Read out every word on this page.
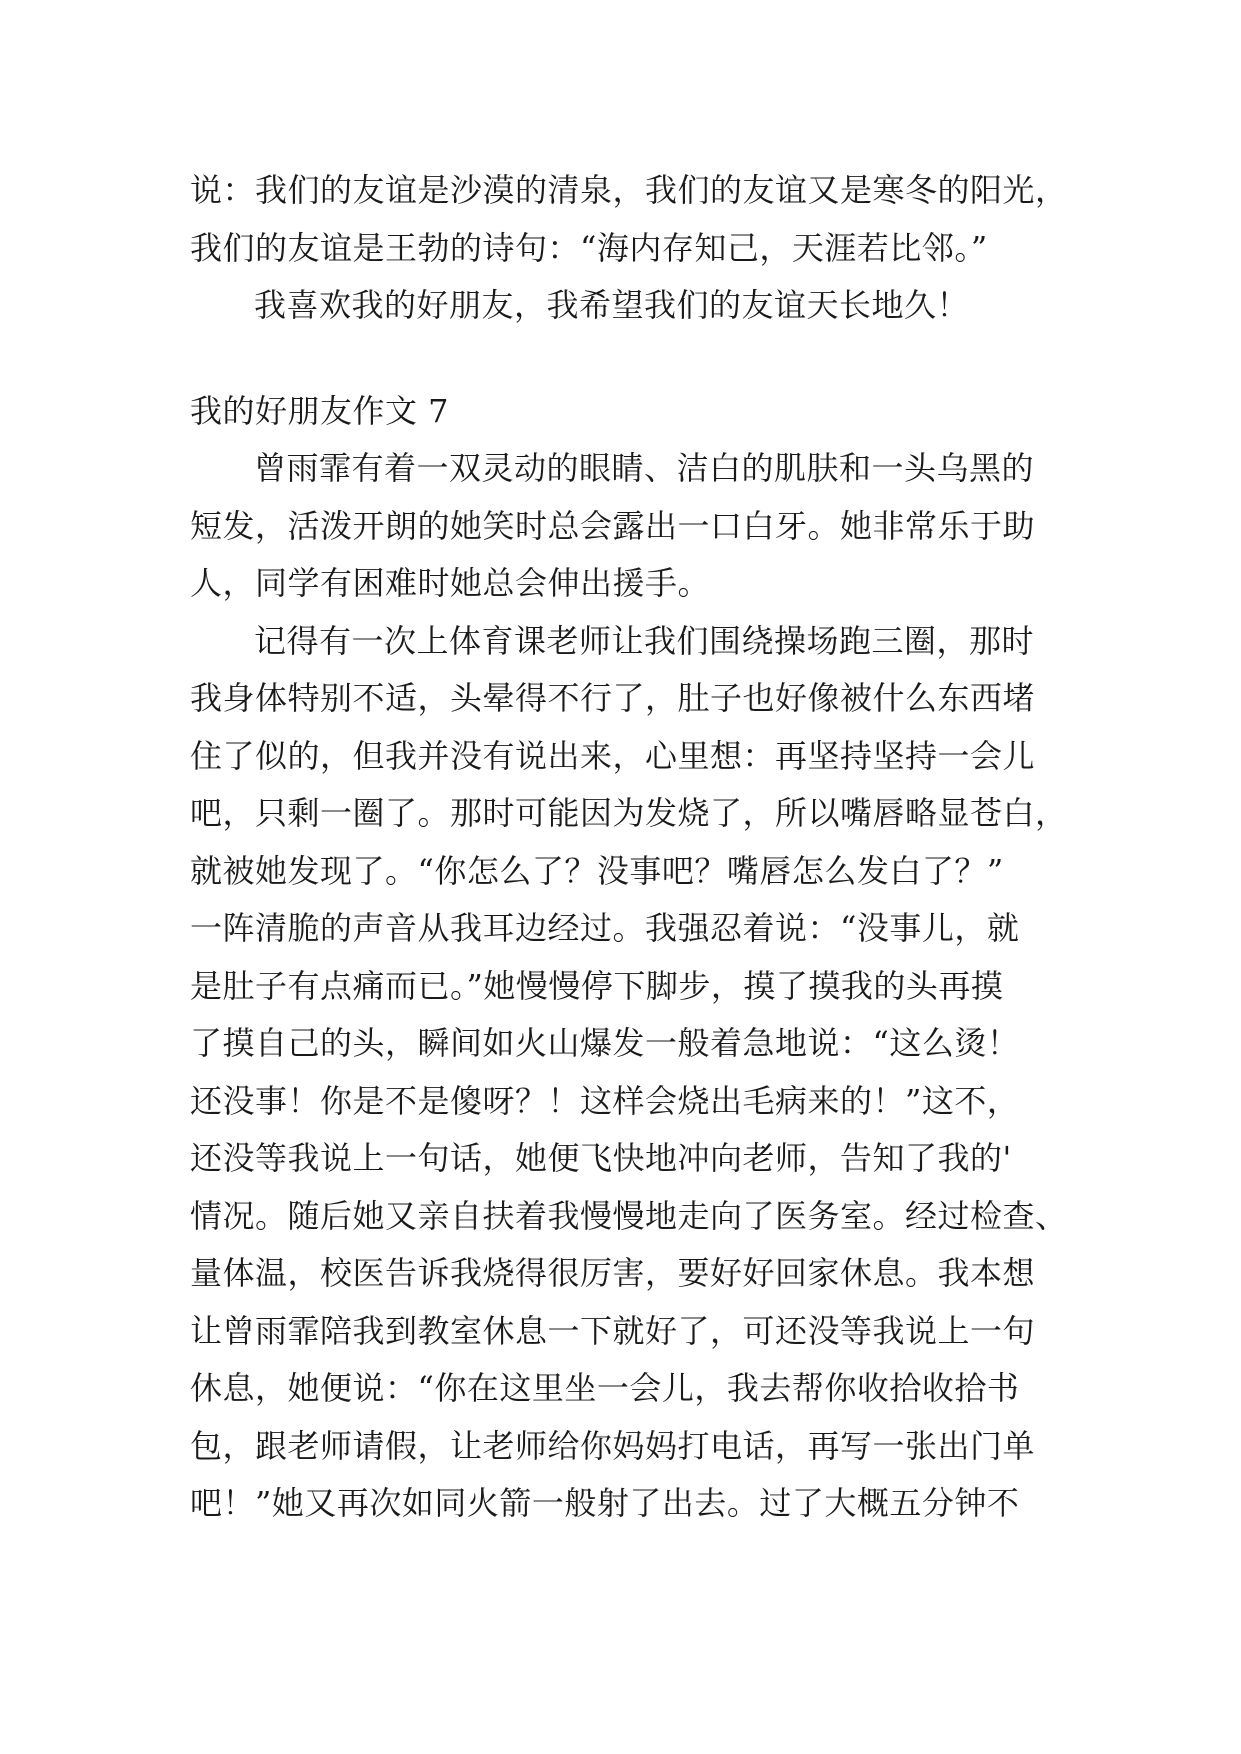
说：我们的友谊是沙漠的清泉，我们的友谊又是寒冬的阳光，
我们的友谊是王勃的诗句：“海内存知己，天涯若比邻。”
我喜欢我的好朋友，我希望我们的友谊天长地久！
我的好朋友作文 7
曾雨霏有着一双灵动的眼睛、洁白的肌肤和一头乌黑的
短发，活泼开朗的她笑时总会露出一口白牙。她非常乐于助
人，同学有困难时她总会伸出援手。
记得有一次上体育课老师让我们围绕操场跑三圈，那时
我身体特别不适，头晕得不行了，肚子也好像被什么东西堵
住了似的，但我并没有说出来，心里想：再坚持坚持一会儿
吧，只剩一圈了。那时可能因为发烧了，所以嘴唇略显苍白，
就被她发现了。“你怎么了？没事吧？嘴唇怎么发白了？”
一阵清脆的声音从我耳边经过。我强忍着说：“没事儿，就
是肚子有点痛而已。”她慢慢停下脚步，摸了摸我的头再摸
了摸自己的头，瞬间如火山爆发一般着急地说：“这么烫！
还没事！你是不是傻呀？！这样会烧出毛病来的！”这不，
还没等我说上一句话，她便飞快地冲向老师，告知了我的'
情况。随后她又亲自扶着我慢慢地走向了医务室。经过检查、
量体温，校医告诉我烧得很厉害，要好好回家休息。我本想
让曾雨霏陪我到教室休息一下就好了，可还没等我说上一句
休息，她便说：“你在这里坐一会儿，我去帮你收拾收拾书
包，跟老师请假，让老师给你妈妈打电话，再写一张出门单
吧！”她又再次如同火箭一般射了出去。过了大概五分钟不
